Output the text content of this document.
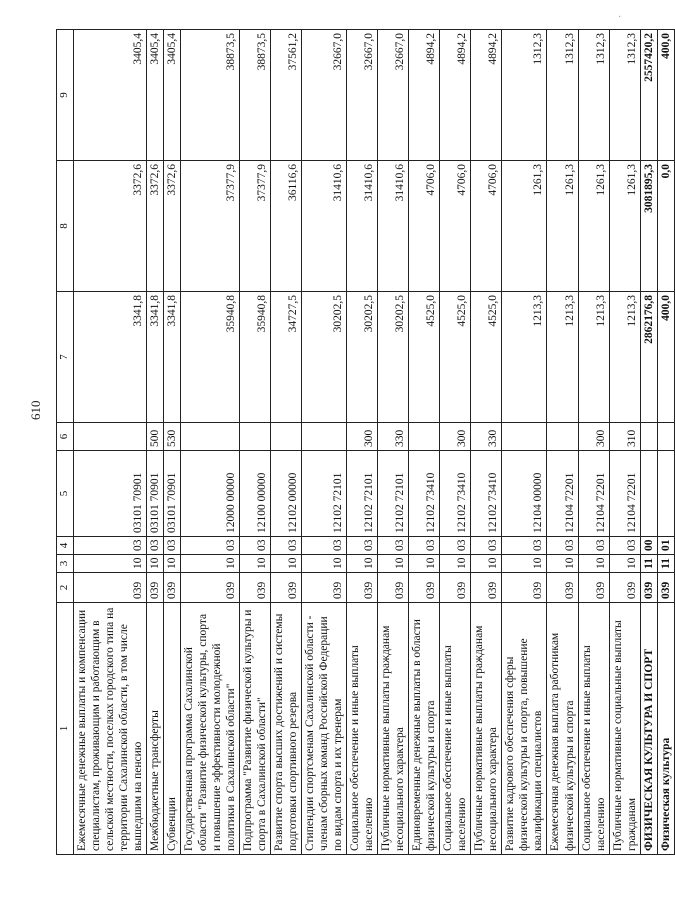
610
·
1	2	3	4	5	6	7	8	9
Ежемесячные денежные выплаты и компенсации специалистам, проживающим и работающим в сельской местности, поселках городского типа на территории Сахалинской области, в том числе вышедшим на пенсию	039	10	03	03101 70901		3341,8	3372,6	3405,4
Межбюджетные трансферты	039	10	03	03101 70901	500	3341,8	3372,6	3405,4
Субвенции	039	10	03	03101 70901	530	3341,8	3372,6	3405,4
Государственная программа Сахалинской области "Развитие физической культуры, спорта и повышение эффективности молодежной политики в Сахалинской области"	039	10	03	12000 00000		35940,8	37377,9	38873,5
Подпрограмма "Развитие физической культуры и спорта в Сахалинской области"	039	10	03	12100 00000		35940,8	37377,9	38873,5
Развитие спорта высших достижений и системы подготовки спортивного резерва	039	10	03	12102 00000		34727,5	36116,6	37561,2
Стипендии спортсменам Сахалинской области - членам сборных команд Российской Федерации по видам спорта и их тренерам	039	10	03	12102 72101		30202,5	31410,6	32667,0
Социальное обеспечение и иные выплаты населению	039	10	03	12102 72101	300	30202,5	31410,6	32667,0
Публичные нормативные выплаты гражданам несоциального характера	039	10	03	12102 72101	330	30202,5	31410,6	32667,0
Единовременные денежные выплаты в области физической культуры и спорта	039	10	03	12102 73410		4525,0	4706,0	4894,2
Социальное обеспечение и иные выплаты населению	039	10	03	12102 73410	300	4525,0	4706,0	4894,2
Публичные нормативные выплаты гражданам несоциального характера	039	10	03	12102 73410	330	4525,0	4706,0	4894,2
Развитие кадрового обеспечения сферы физической культуры и спорта, повышение квалификации специалистов	039	10	03	12104 00000		1213,3	1261,3	1312,3
Ежемесячная денежная выплата работникам физической культуры и спорта	039	10	03	12104 72201		1213,3	1261,3	1312,3
Социальное обеспечение и иные выплаты населению	039	10	03	12104 72201	300	1213,3	1261,3	1312,3
Публичные нормативные социальные выплаты гражданам	039	10	03	12104 72201	310	1213,3	1261,3	1312,3
ФИЗИЧЕСКАЯ КУЛЬТУРА И СПОРТ	039	11	00			2862176,8	3081895,3	2557420,2
Физическая культура	039	11	01			400,0	0,0	400,0
